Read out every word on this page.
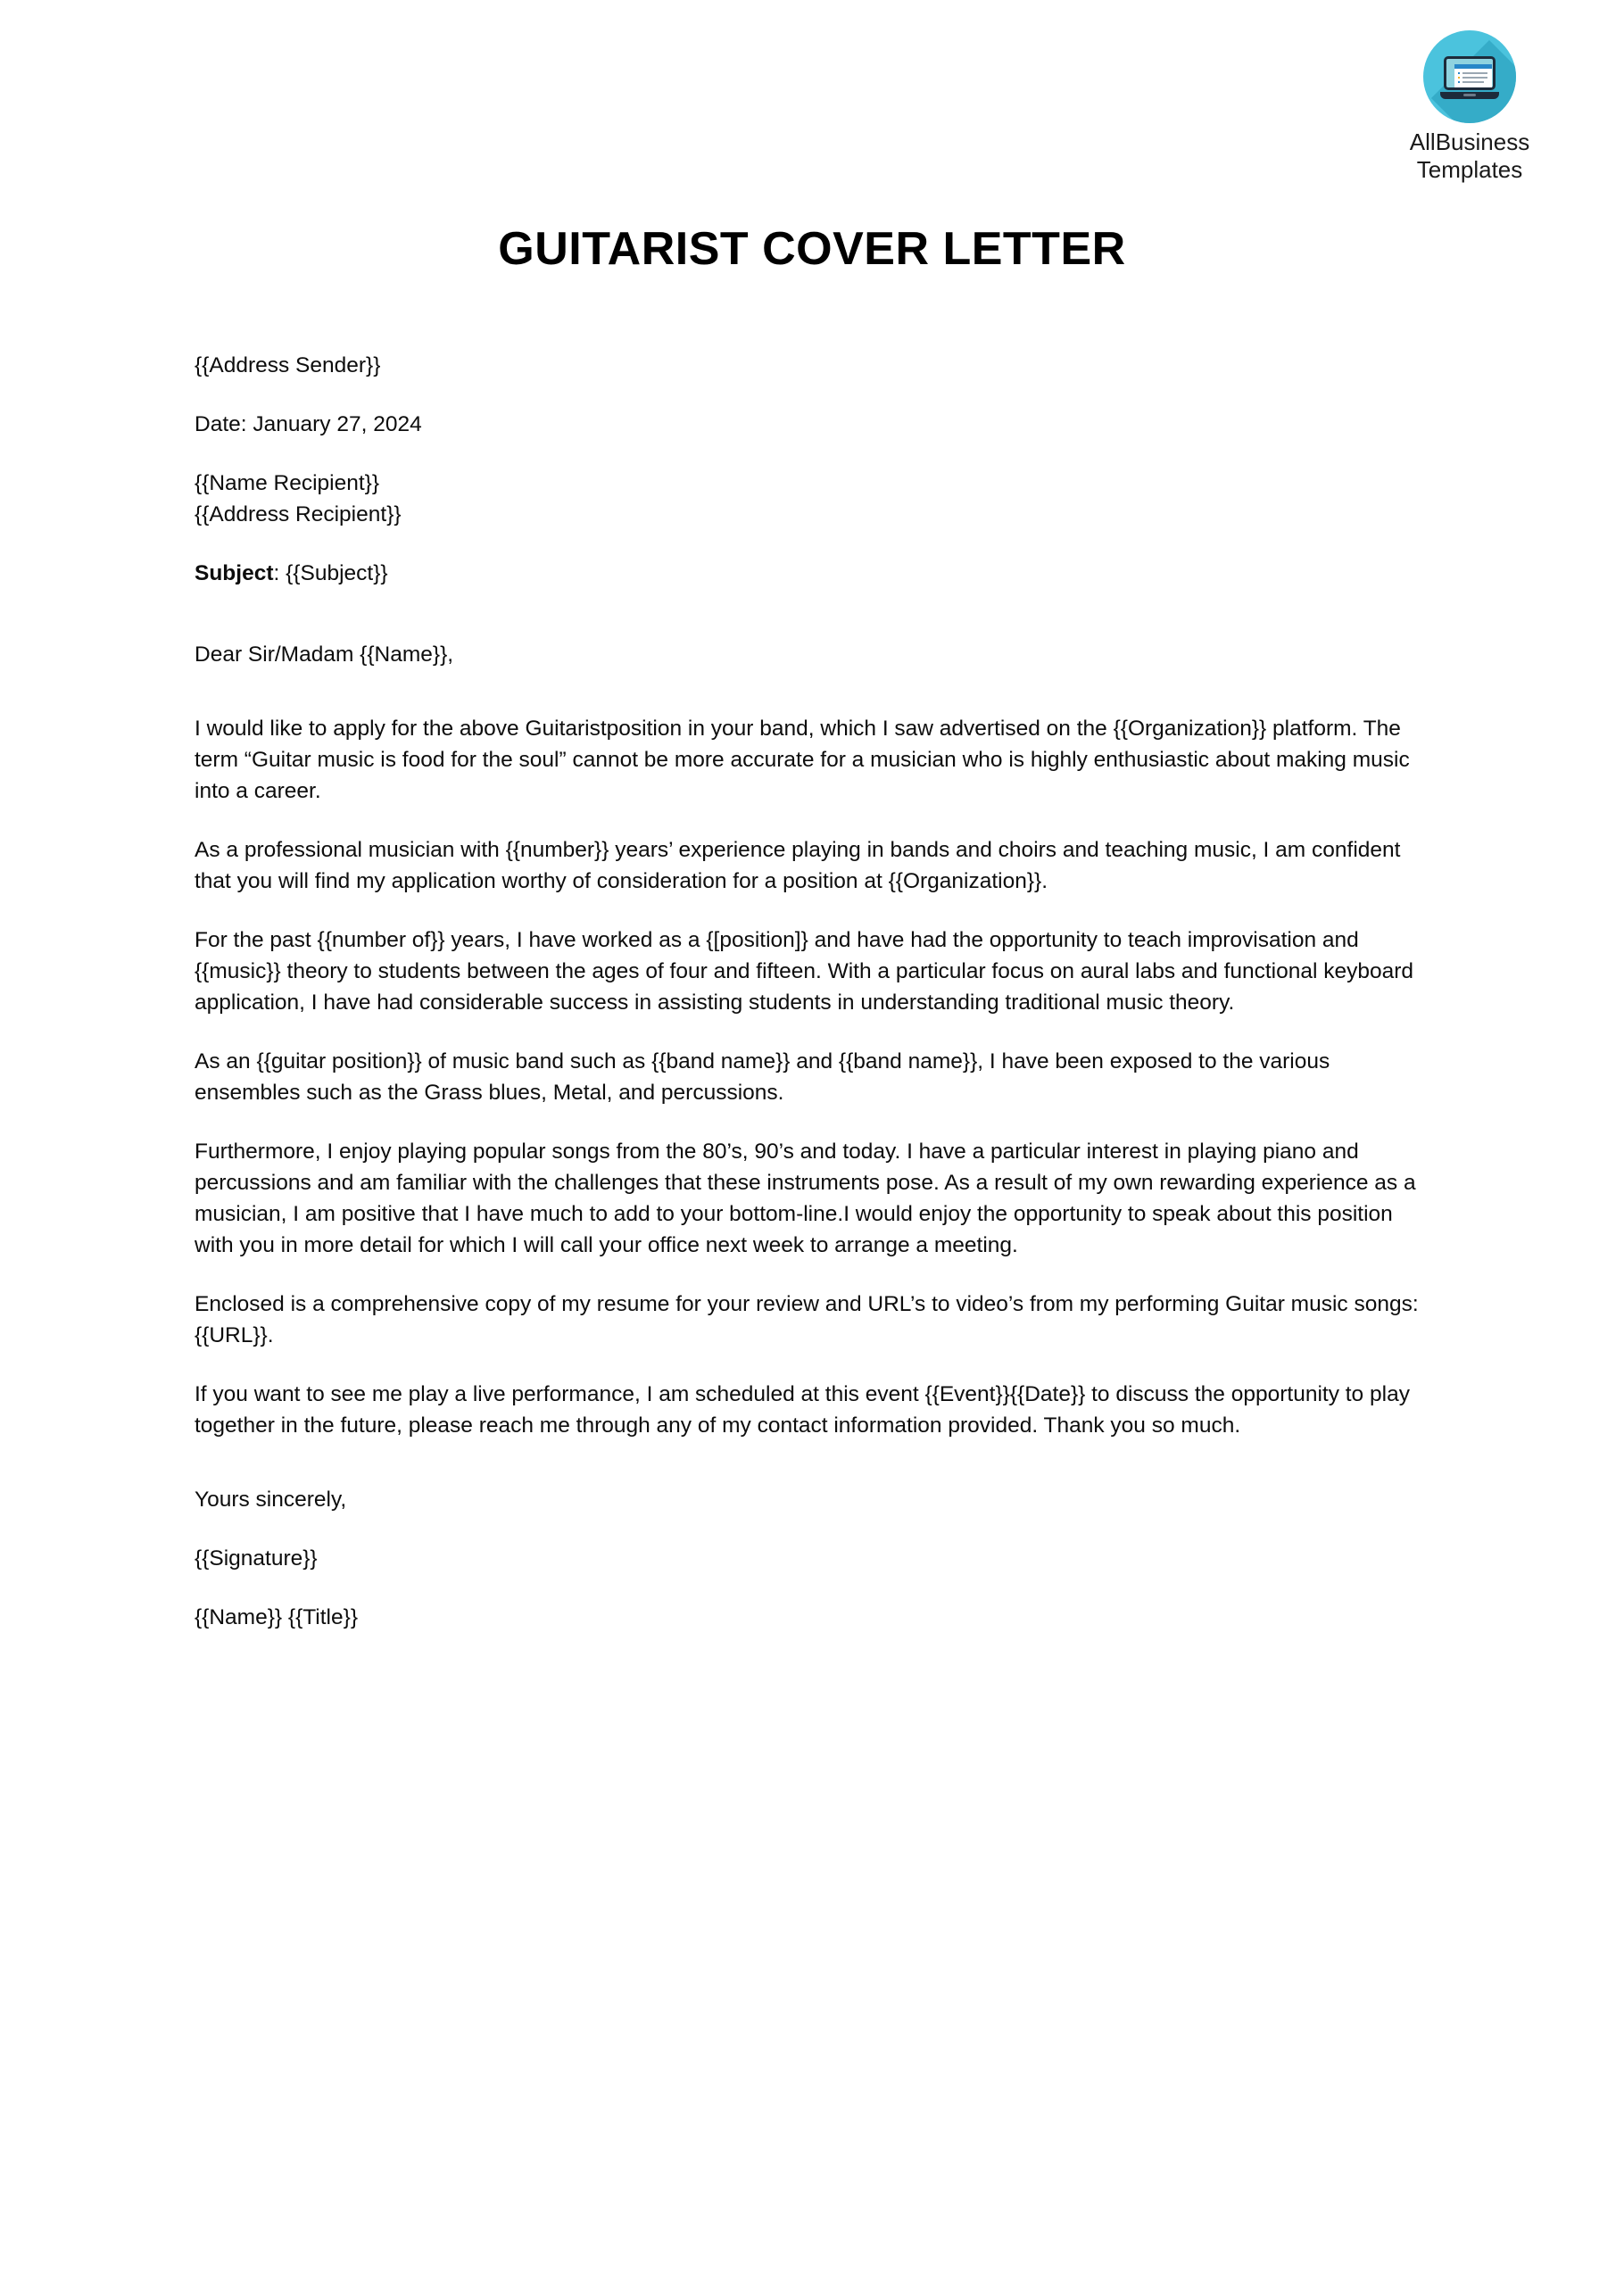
AllBusiness
Templates
GUITARIST COVER LETTER

{{Address Sender}}

Date: January 27, 2024

{{Name Recipient}}

{{Address Recipient}}

Subject: {{Subject}}

Dear Sir/Madam {{Name}},

I would like to apply for the above Guitaristposition in your band, which I saw advertised on the {{Organization}} platform. The term “Guitar music is food for the soul” cannot be more accurate for a musician who is highly enthusiastic about making music into a career.

As a professional musician with {{number}} years’ experience playing in bands and choirs and teaching music, I am confident that you will find my application worthy of consideration for a position at {{Organization}}.

For the past {{number of}} years, I have worked as a {[position]} and have had the opportunity to teach improvisation and {{music}} theory to students between the ages of four and fifteen. With a particular focus on aural labs and functional keyboard application, I have had considerable success in assisting students in understanding traditional music theory.

As an {{guitar position}} of music band such as {{band name}} and {{band name}}, I have been exposed to the various ensembles such as the Grass blues, Metal, and percussions.

Furthermore, I enjoy playing popular songs from the 80’s, 90’s and today. I have a particular interest in playing piano and percussions and am familiar with the challenges that these instruments pose. As a result of my own rewarding experience as a musician, I am positive that I have much to add to your bottom-line.I would enjoy the opportunity to speak about this position with you in more detail for which I will call your office next week to arrange a meeting.

Enclosed is a comprehensive copy of my resume for your review and URL’s to video’s from my performing Guitar music songs: {{URL}}.

If you want to see me play a live performance, I am scheduled at this event {{Event}}{{Date}} to discuss the opportunity to play together in the future, please reach me through any of my contact information provided. Thank you so much.

Yours sincerely,

{{Signature}}

{{Name}} {{Title}}
